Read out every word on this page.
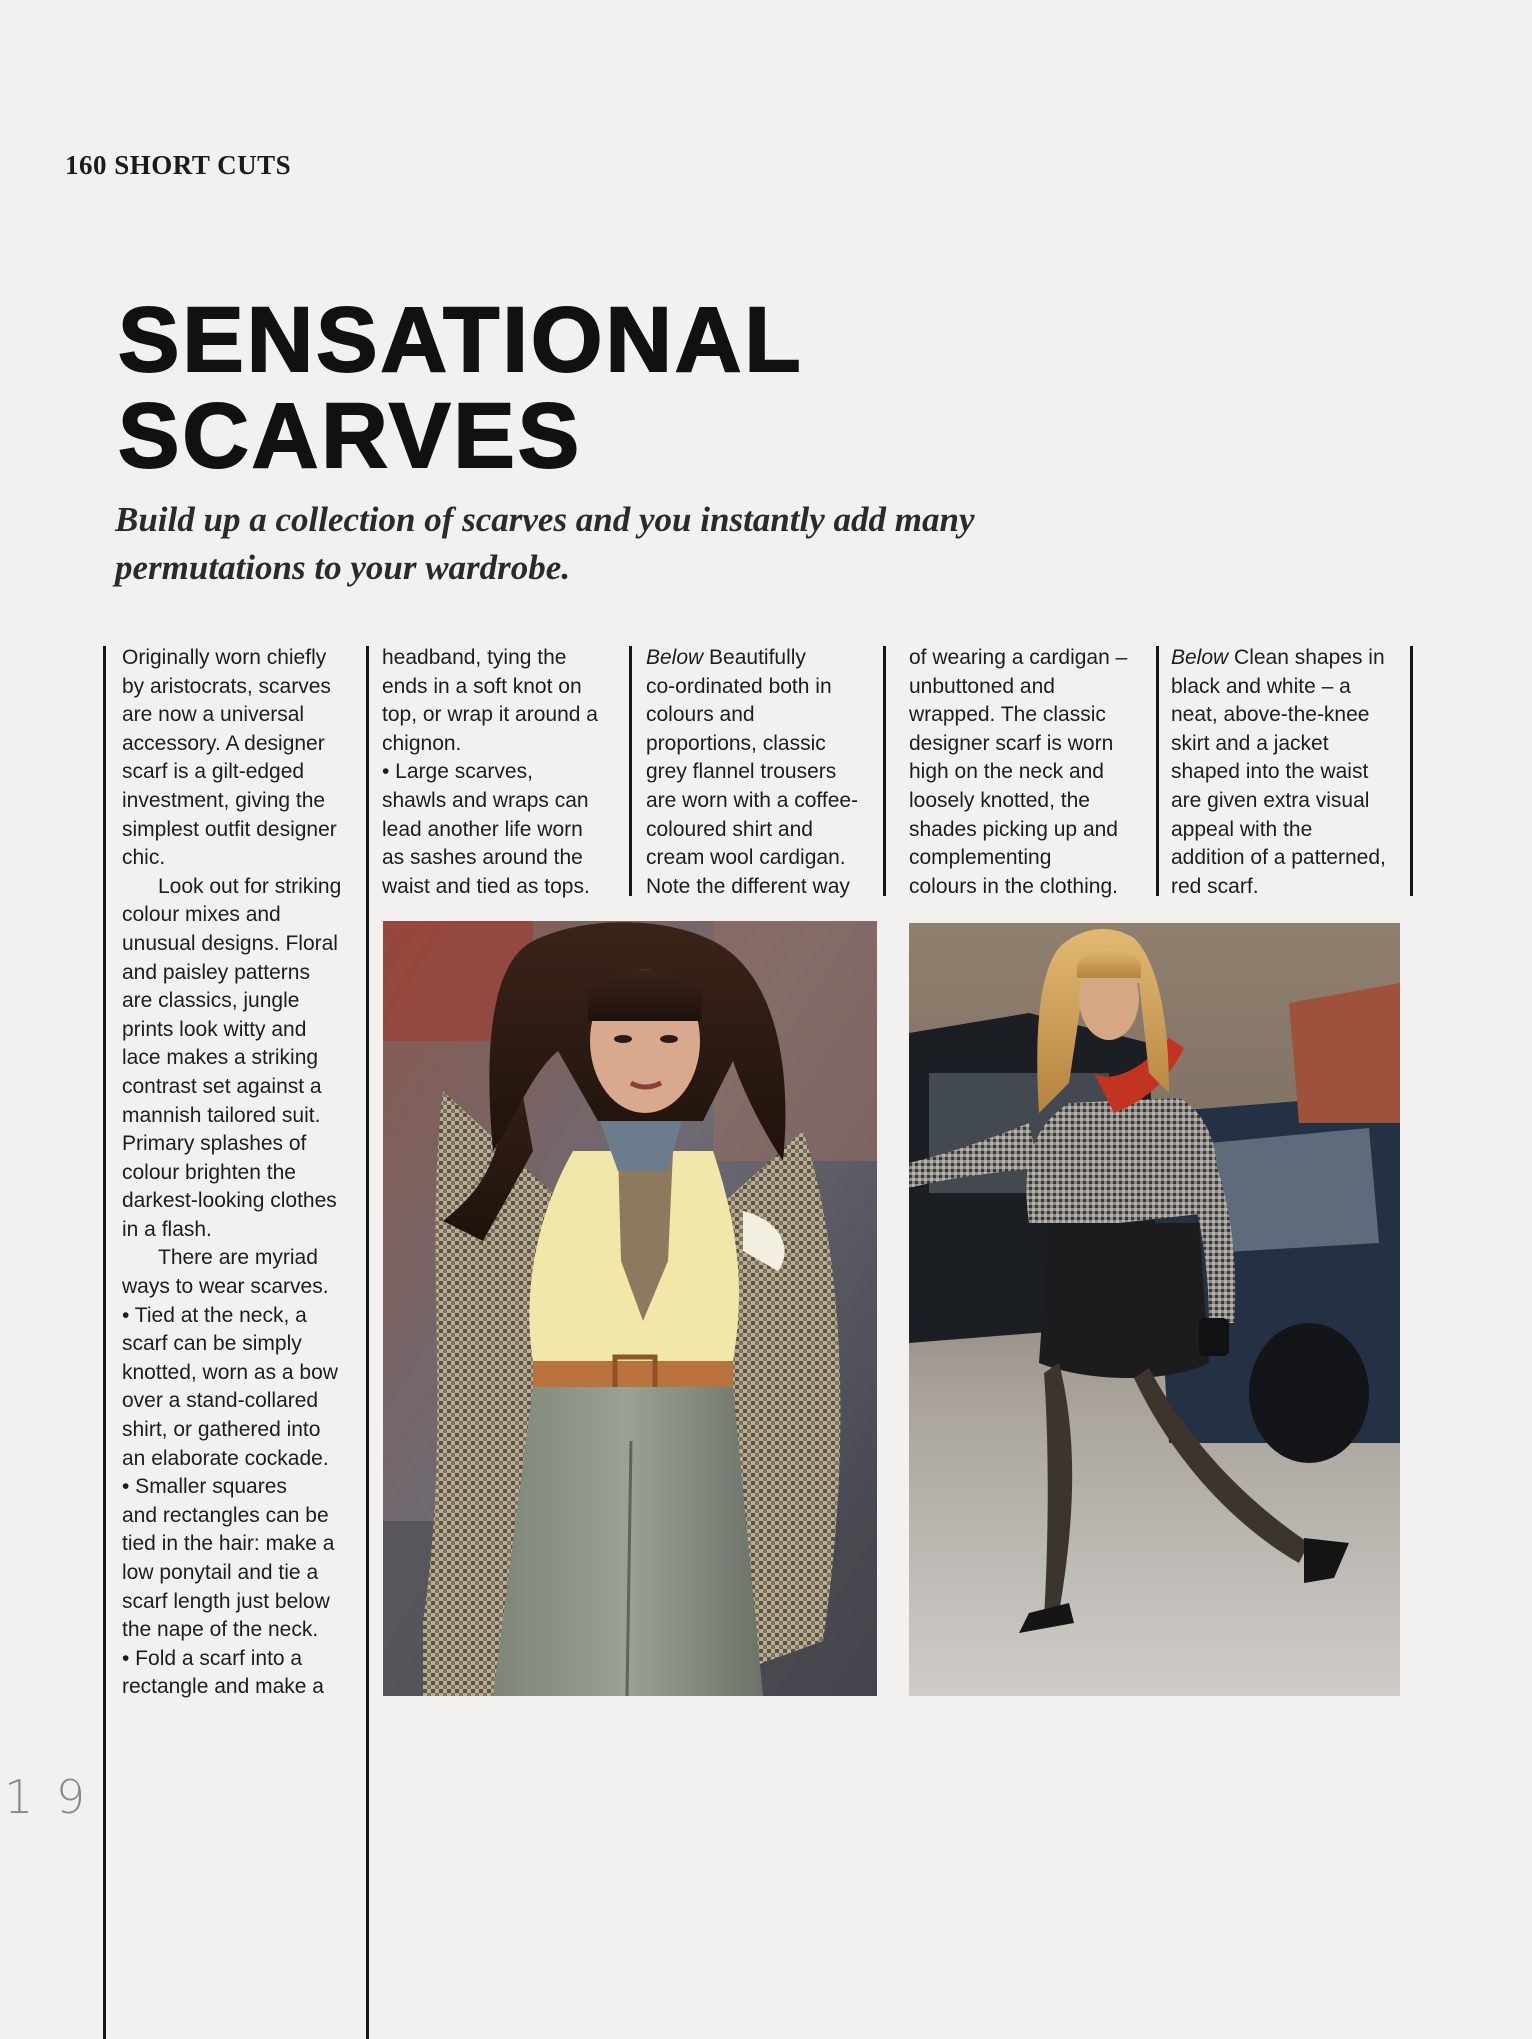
160 SHORT CUTS
SENSATIONAL
SCARVES

Build up a collection of scarves and you instantly add many permutations to your wardrobe.

Originally worn chiefly

by aristocrats, scarves

are now a universal

accessory. A designer

scarf is a gilt-edged

investment, giving the

simplest outfit designer

chic.

Look out for striking

colour mixes and

unusual designs. Floral

and paisley patterns

are classics, jungle

prints look witty and

lace makes a striking

contrast set against a

mannish tailored suit.

Primary splashes of

colour brighten the

darkest-looking clothes

in a flash.

There are myriad

ways to wear scarves.

• Tied at the neck, a

scarf can be simply

knotted, worn as a bow

over a stand-collared

shirt, or gathered into

an elaborate cockade.

• Smaller squares

and rectangles can be

tied in the hair: make a

low ponytail and tie a

scarf length just below

the nape of the neck.

• Fold a scarf into a

rectangle and make a

headband, tying the

ends in a soft knot on

top, or wrap it around a

chignon.

• Large scarves,

shawls and wraps can

lead another life worn

as sashes around the

waist and tied as tops.

Below Beautifully

co-ordinated both in

colours and

proportions, classic

grey flannel trousers

are worn with a coffee-

coloured shirt and

cream wool cardigan.

Note the different way

of wearing a cardigan –

unbuttoned and

wrapped. The classic

designer scarf is worn

high on the neck and

loosely knotted, the

shades picking up and

complementing

colours in the clothing.

Below Clean shapes in

black and white – a

neat, above-the-knee

skirt and a jacket

shaped into the waist

are given extra visual

appeal with the

addition of a patterned,

red scarf.

1 9
